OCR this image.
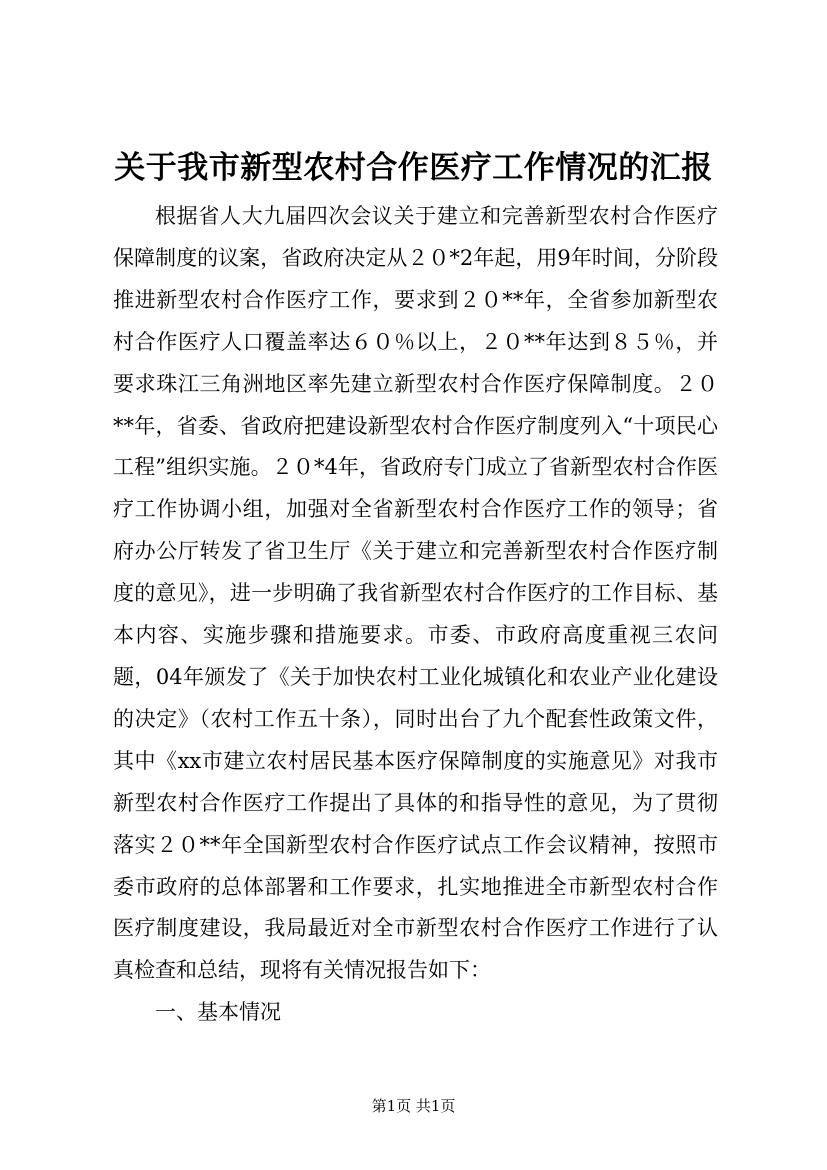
关于我市新型农村合作医疗工作情况的汇报

根据省人大九届四次会议关于建立和完善新型农村合作医疗保障制度的议案，省政府决定从２０*2年起，用9年时间，分阶段推进新型农村合作医疗工作，要求到２０**年，全省参加新型农村合作医疗人口覆盖率达６０％以上，２０**年达到８５％，并要求珠江三角洲地区率先建立新型农村合作医疗保障制度。２０**年，省委、省政府把建设新型农村合作医疗制度列入“十项民心工程”组织实施。２０*4年，省政府专门成立了省新型农村合作医疗工作协调小组，加强对全省新型农村合作医疗工作的领导；省府办公厅转发了省卫生厅《关于建立和完善新型农村合作医疗制度的意见》，进一步明确了我省新型农村合作医疗的工作目标、基本内容、实施步骤和措施要求。市委、市政府高度重视三农问题，04年颁发了《关于加快农村工业化城镇化和农业产业化建设的决定》（农村工作五十条），同时出台了九个配套性政策文件，其中《xx市建立农村居民基本医疗保障制度的实施意见》对我市新型农村合作医疗工作提出了具体的和指导性的意见，为了贯彻落实２０**年全国新型农村合作医疗试点工作会议精神，按照市委市政府的总体部署和工作要求，扎实地推进全市新型农村合作医疗制度建设，我局最近对全市新型农村合作医疗工作进行了认真检查和总结，现将有关情况报告如下：

一、基本情况

第1页 共1页
